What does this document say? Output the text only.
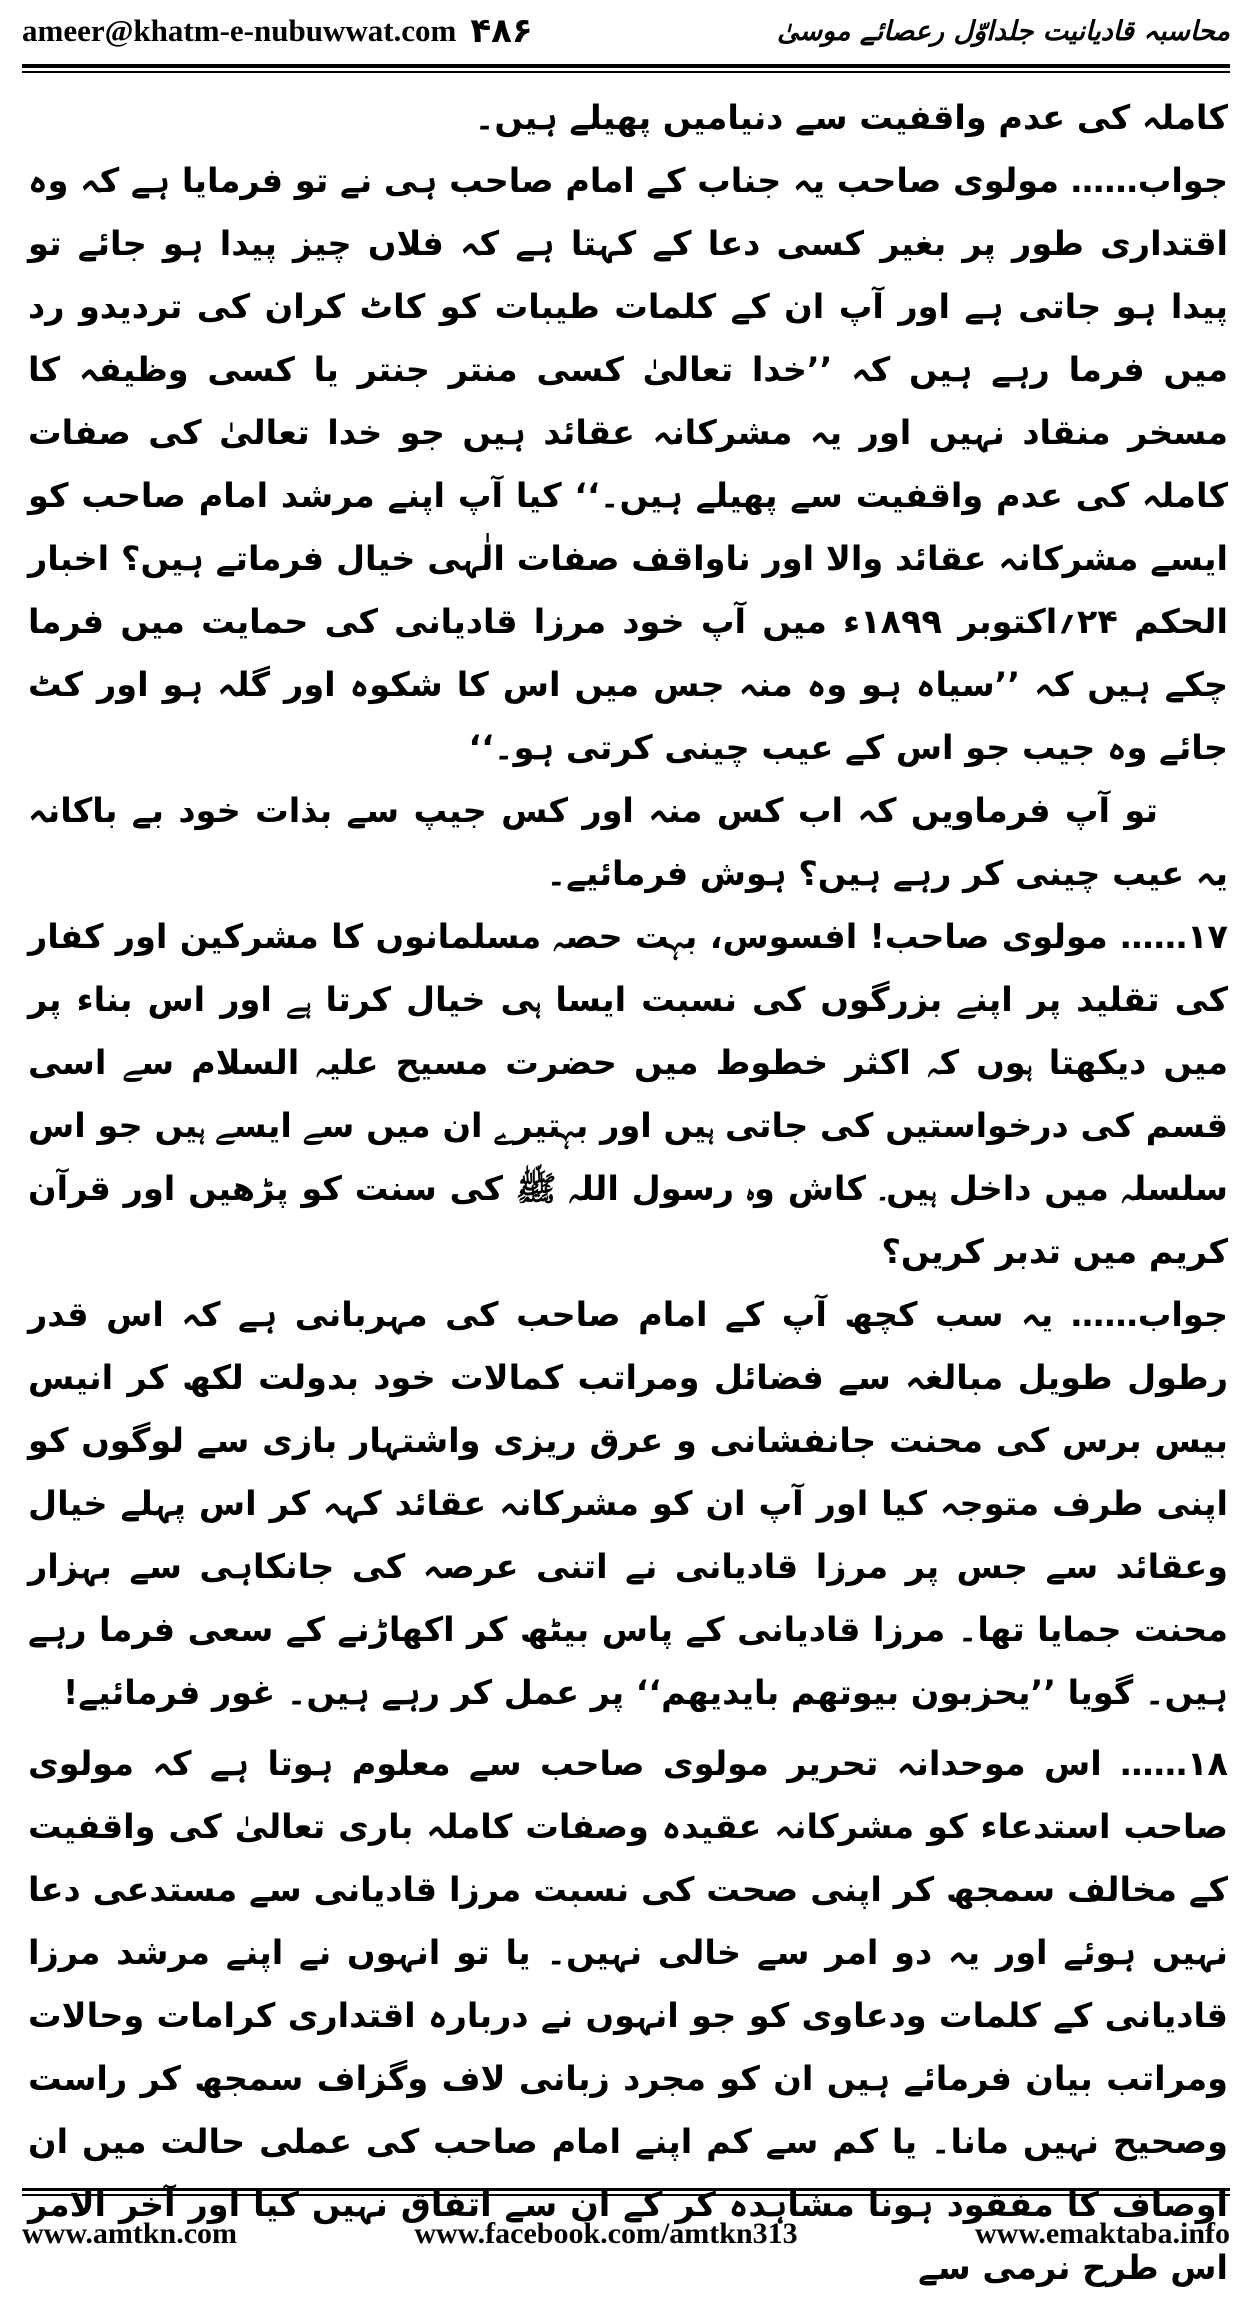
ameer@khatm-e-nubuwwat.com ۴۸۶	محاسبہ قادیانیت جلداوّل رعصائے موسیٰ

کاملہ کی عدم واقفیت سے دنیامیں پھیلے ہیں۔

جواب…… مولوی صاحب یہ جناب کے امام صاحب ہی نے تو فرمایا ہے کہ وہ اقتداری طور پر بغیر کسی دعا کے کہتا ہے کہ فلاں چیز پیدا ہو جائے تو پیدا ہو جاتی ہے اور آپ ان کے کلمات طیبات کو کاٹ کران کی تردیدو رد میں فرما رہے ہیں کہ ’’خدا تعالیٰ کسی منتر جنتر یا کسی وظیفہ کا مسخر منقاد نہیں اور یہ مشرکانہ عقائد ہیں جو خدا تعالیٰ کی صفات کاملہ کی عدم واقفیت سے پھیلے ہیں۔‘‘ کیا آپ اپنے مرشد امام صاحب کو ایسے مشرکانہ عقائد والا اور ناواقف صفات الٰہی خیال فرماتے ہیں؟ اخبار الحکم ۲۴؍اکتوبر ۱۸۹۹ء میں آپ خود مرزا قادیانی کی حمایت میں فرما چکے ہیں کہ ’’سیاہ ہو وہ منہ جس میں اس کا شکوہ اور گلہ ہو اور کٹ جائے وہ جیب جو اس کے عیب چینی کرتی ہو۔‘‘

تو آپ فرماویں کہ اب کس منہ اور کس جیپ سے بذات خود بے باکانہ یہ عیب چینی کر رہے ہیں؟ ہوش فرمائیے۔

۱۷…… مولوی صاحب! افسوس، بہت حصہ مسلمانوں کا مشرکین اور کفار کی تقلید پر اپنے بزرگوں کی نسبت ایسا ہی خیال کرتا ہے اور اس بناء پر میں دیکھتا ہوں کہ اکثر خطوط میں حضرت مسیح علیہ السلام سے اسی قسم کی درخواستیں کی جاتی ہیں اور بہتیرے ان میں سے ایسے ہیں جو اس سلسلہ میں داخل ہیں۔ کاش وہ رسول اللہ ﷺ کی سنت کو پڑھیں اور قرآن کریم میں تدبر کریں؟

جواب…… یہ سب کچھ آپ کے امام صاحب کی مہربانی ہے کہ اس قدر رطول طویل مبالغہ سے فضائل ومراتب کمالات خود بدولت لکھ کر انیس بیس برس کی محنت جانفشانی و عرق ریزی واشتہار بازی سے لوگوں کو اپنی طرف متوجہ کیا اور آپ ان کو مشرکانہ عقائد کہہ کر اس پہلے خیال وعقائد سے جس پر مرزا قادیانی نے اتنی عرصہ کی جانکاہی سے بہزار محنت جمایا تھا۔ مرزا قادیانی کے پاس بیٹھ کر اکھاڑنے کے سعی فرما رہے ہیں۔ گویا ’’یحزبون بیوتھم بایدیھم‘‘ پر عمل کر رہے ہیں۔ غور فرمائیے!

۱۸…… اس موحدانہ تحریر مولوی صاحب سے معلوم ہوتا ہے کہ مولوی صاحب استدعاء کو مشرکانہ عقیدہ وصفات کاملہ باری تعالیٰ کی واقفیت کے مخالف سمجھ کر اپنی صحت کی نسبت مرزا قادیانی سے مستدعی دعا نہیں ہوئے اور یہ دو امر سے خالی نہیں۔ یا تو انہوں نے اپنے مرشد مرزا قادیانی کے کلمات ودعاوی کو جو انہوں نے دربارہ اقتداری کرامات وحالات ومراتب بیان فرمائے ہیں ان کو مجرد زبانی لاف وگزاف سمجھ کر راست وصحیح نہیں مانا۔ یا کم سے کم اپنے امام صاحب کی عملی حالت میں ان اوصاف کا مفقود ہونا مشاہدہ کر کے ان سے اتفاق نہیں کیا اور آخر الامر اس طرح نرمی سے

www.amtkn.com	www.facebook.com/amtkn313	www.emaktaba.info
